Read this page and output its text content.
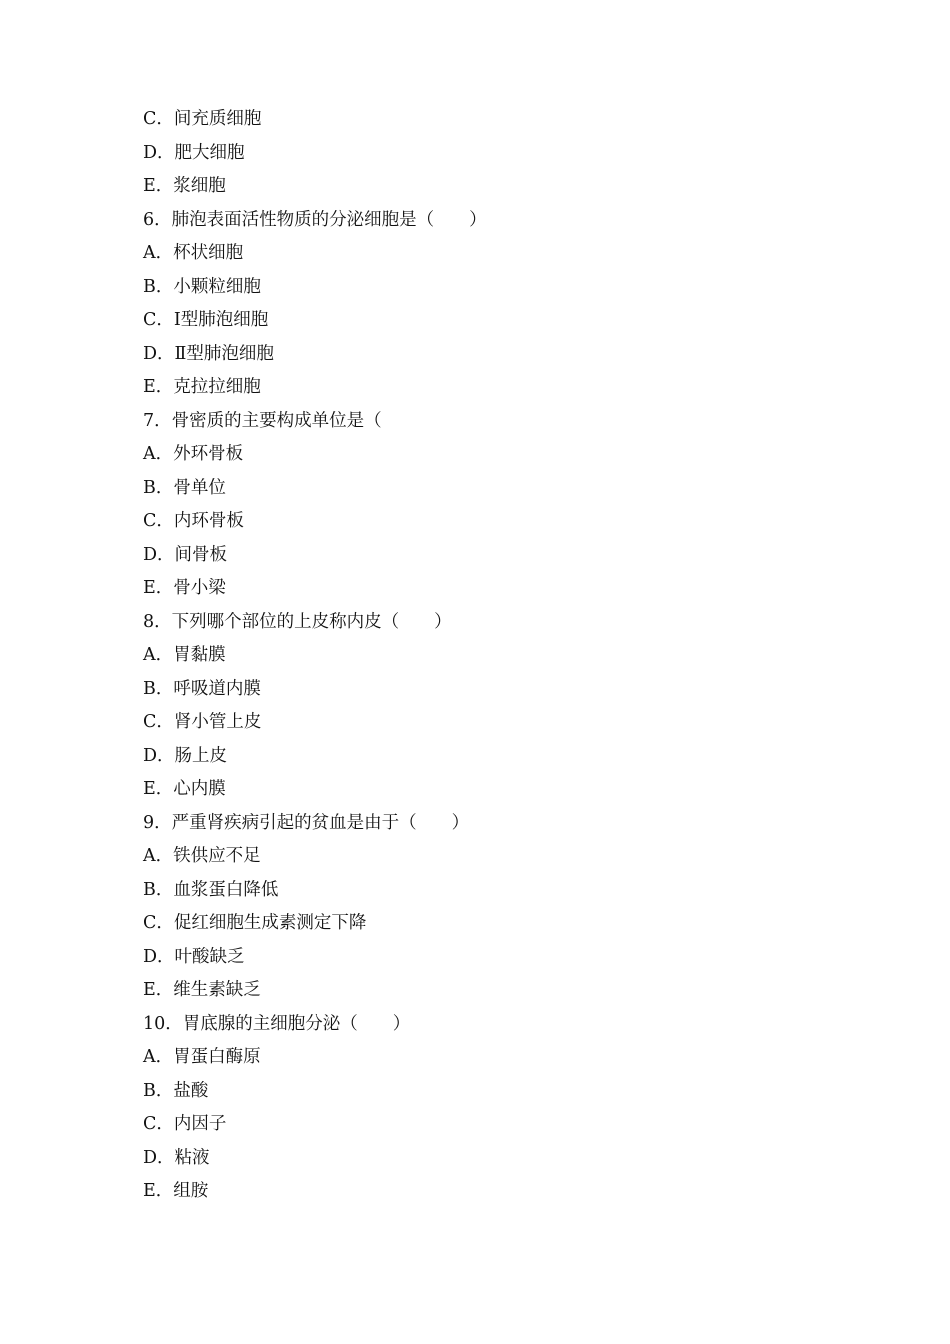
C．间充质细胞
D．肥大细胞
E．浆细胞
6．肺泡表面活性物质的分泌细胞是（　　）
A．杯状细胞
B．小颗粒细胞
C．Ⅰ型肺泡细胞
D．Ⅱ型肺泡细胞
E．克拉拉细胞
7．骨密质的主要构成单位是（
A．外环骨板
B．骨单位
C．内环骨板
D．间骨板
E．骨小梁
8．下列哪个部位的上皮称内皮（　　）
A．胃黏膜
B．呼吸道内膜
C．肾小管上皮
D．肠上皮
E．心内膜
9．严重肾疾病引起的贫血是由于（　　）
A．铁供应不足
B．血浆蛋白降低
C．促红细胞生成素测定下降
D．叶酸缺乏
E．维生素缺乏
10．胃底腺的主细胞分泌（　　）
A．胃蛋白酶原
B．盐酸
C．内因子
D．粘液
E．组胺
